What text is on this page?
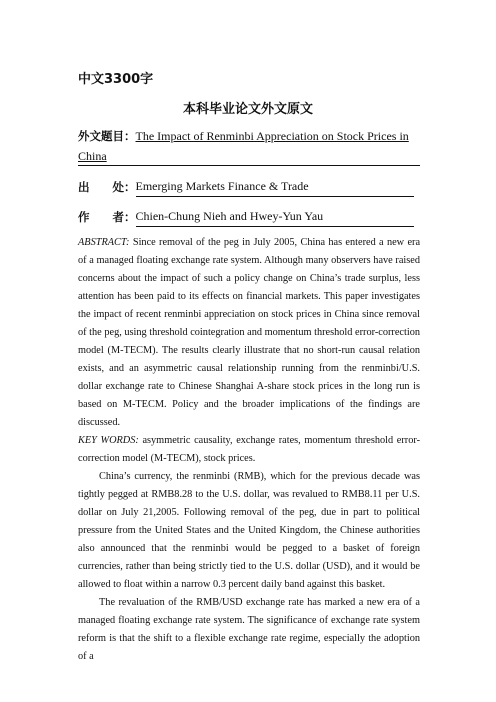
中文3300字
本科毕业论文外文原文
外文题目：The Impact of Renminbi Appreciation on Stock Prices in China
出　　处：Emerging Markets Finance & Trade
作　　者：Chien-Chung Nieh and Hwey-Yun Yau

ABSTRACT: Since removal of the peg in July 2005, China has entered a new era of a managed floating exchange rate system. Although many observers have raised concerns about the impact of such a policy change on China’s trade surplus, less attention has been paid to its effects on financial markets. This paper investigates the impact of recent renminbi appreciation on stock prices in China since removal of the peg, using threshold cointegration and momentum threshold error-correction model (M-TECM). The results clearly illustrate that no short-run causal relation exists, and an asymmetric causal relationship running from the renminbi/U.S. dollar exchange rate to Chinese Shanghai A-share stock prices in the long run is based on M-TECM. Policy and the broader implications of the findings are discussed.

KEY WORDS: asymmetric causality, exchange rates, momentum threshold error-correction model (M-TECM), stock prices.

China’s currency, the renminbi (RMB), which for the previous decade was tightly pegged at RMB8.28 to the U.S. dollar, was revalued to RMB8.11 per U.S. dollar on July 21,2005. Following removal of the peg, due in part to political pressure from the United States and the United Kingdom, the Chinese authorities also announced that the renminbi would be pegged to a basket of foreign currencies, rather than being strictly tied to the U.S. dollar (USD), and it would be allowed to float within a narrow 0.3 percent daily band against this basket.

The revaluation of the RMB/USD exchange rate has marked a new era of a managed floating exchange rate system. The significance of exchange rate system reform is that the shift to a flexible exchange rate regime, especially the adoption of a
